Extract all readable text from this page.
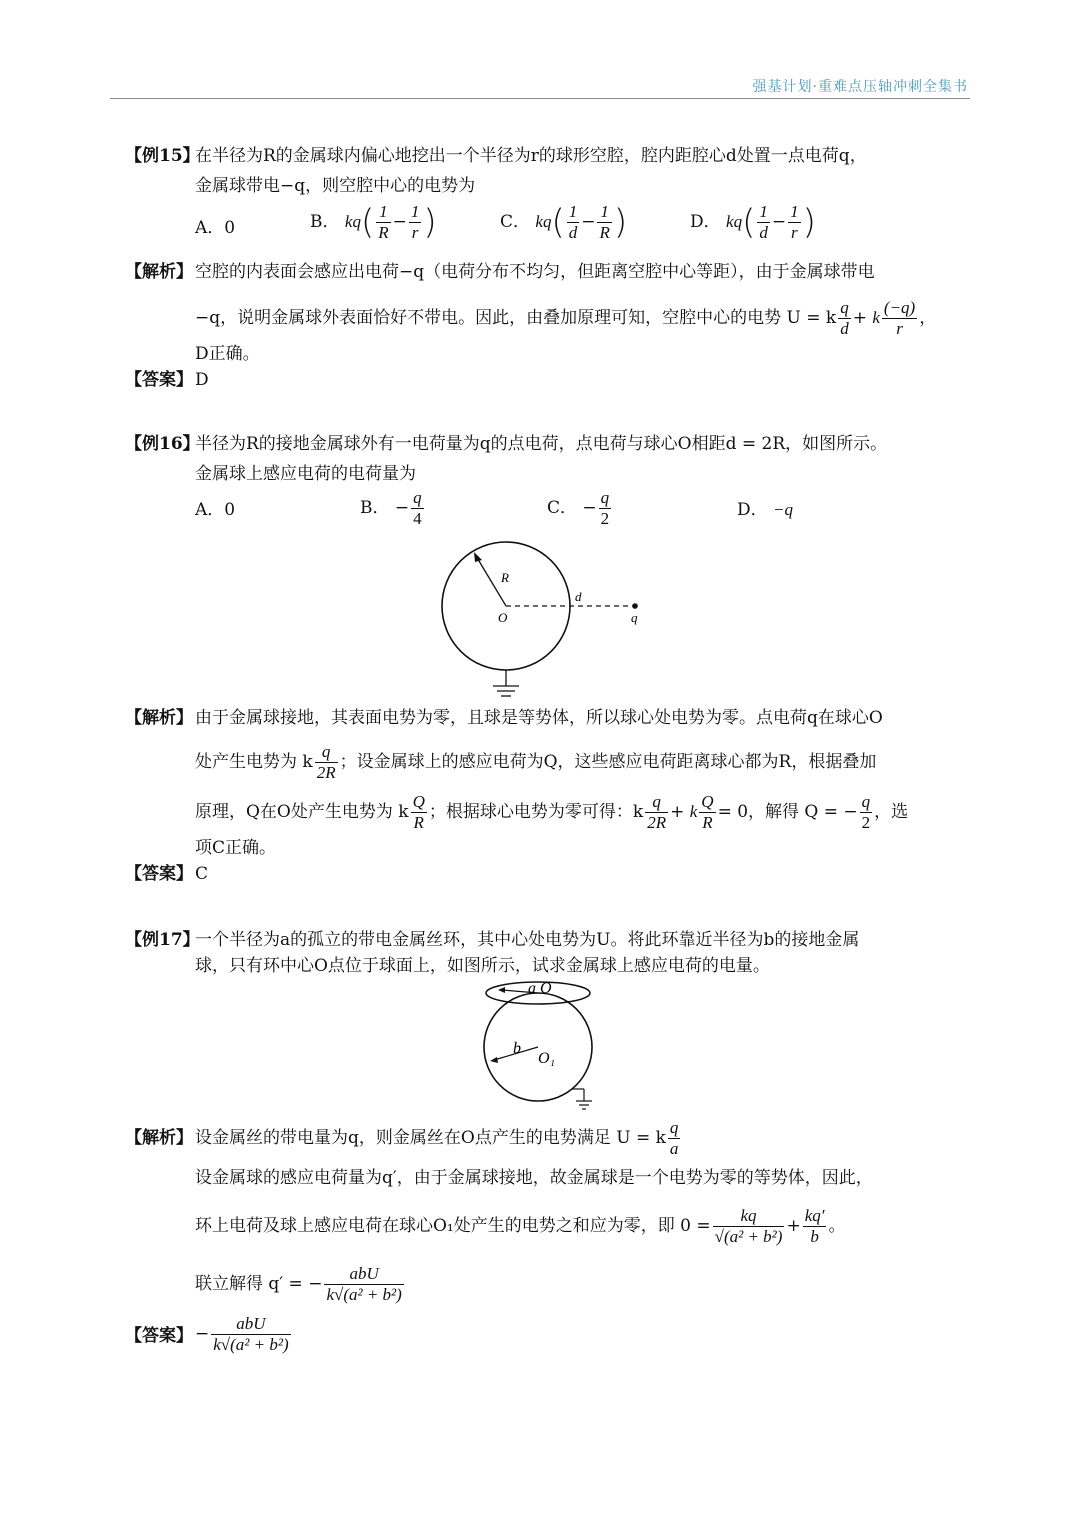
强基计划·重难点压轴冲刺全集书
【例15】
在半径为R的金属球内偏心地挖出一个半径为r的球形空腔，腔内距腔心d处置一点电荷q，
金属球带电−q，则空腔中心的电势为
A．0	B． $kq( \frac{1}{R} - \frac{1}{r}$ )	C． $kq( \frac{1}{d} - \frac{1}{R}$ )	D． $kq( \frac{1}{d} - \frac{1}{r}$ )
【解析】 空腔的内表面会感应出电荷−q（电荷分布不均匀，但距离空腔中心等距），由于金属球带电
−q，说明金属球外表面恰好不带电。因此，由叠加原理可知，空腔中心的电势 U = k $\frac{q}{d} + k \frac{(-q)}{r}$ ，
D正确。
【答案】 D
【例16】
半径为R的接地金属球外有一电荷量为q的点电荷，点电荷与球心O相距d = 2R，如图所示。
金属球上感应电荷的电荷量为
A．0	B． − $\frac{q}{4}$	C． − $\frac{q}{2}$	D． −q
R
O
d
q
【解析】 由于金属球接地，其表面电势为零，且球是等势体，所以球心处电势为零。点电荷q在球心O
处产生电势为 k $\frac{q}{2R}$ ；设金属球上的感应电荷为Q，这些感应电荷距离球心都为R，根据叠加
原理，Q在O处产生电势为 k $\frac{Q}{R}$ ；根据球心电势为零可得：k $\frac{q}{2R} + k \frac{Q}{R} = 0$，解得 Q = − $\frac{q}{2}$ ，选
项C正确。
【答案】 C
【例17】
一个半径为a的孤立的带电金属丝环，其中心处电势为U。将此环靠近半径为b的接地金属
球，只有环中心O点位于球面上，如图所示，试求金属球上感应电荷的电量。
a O
b
O₁
【解析】 设金属丝的带电量为q，则金属丝在O点产生的电势满足 U = k $\frac{q}{a}$
设金属球的感应电荷量为q′，由于金属球接地，故金属球是一个电势为零的等势体，因此，
环上电荷及球上感应电荷在球心O₁处产生的电势之和应为零，即 $0 = \frac{kq}{\text{√(a² + b²)}} + \frac{kq'}{b}$ 。
联立解得 q′ = − $\frac{\text{abU}}{\text{k√(a² + b²)}}$
【答案】 − $\frac{\text{abU}}{\text{k√(a² + b²)}}$
